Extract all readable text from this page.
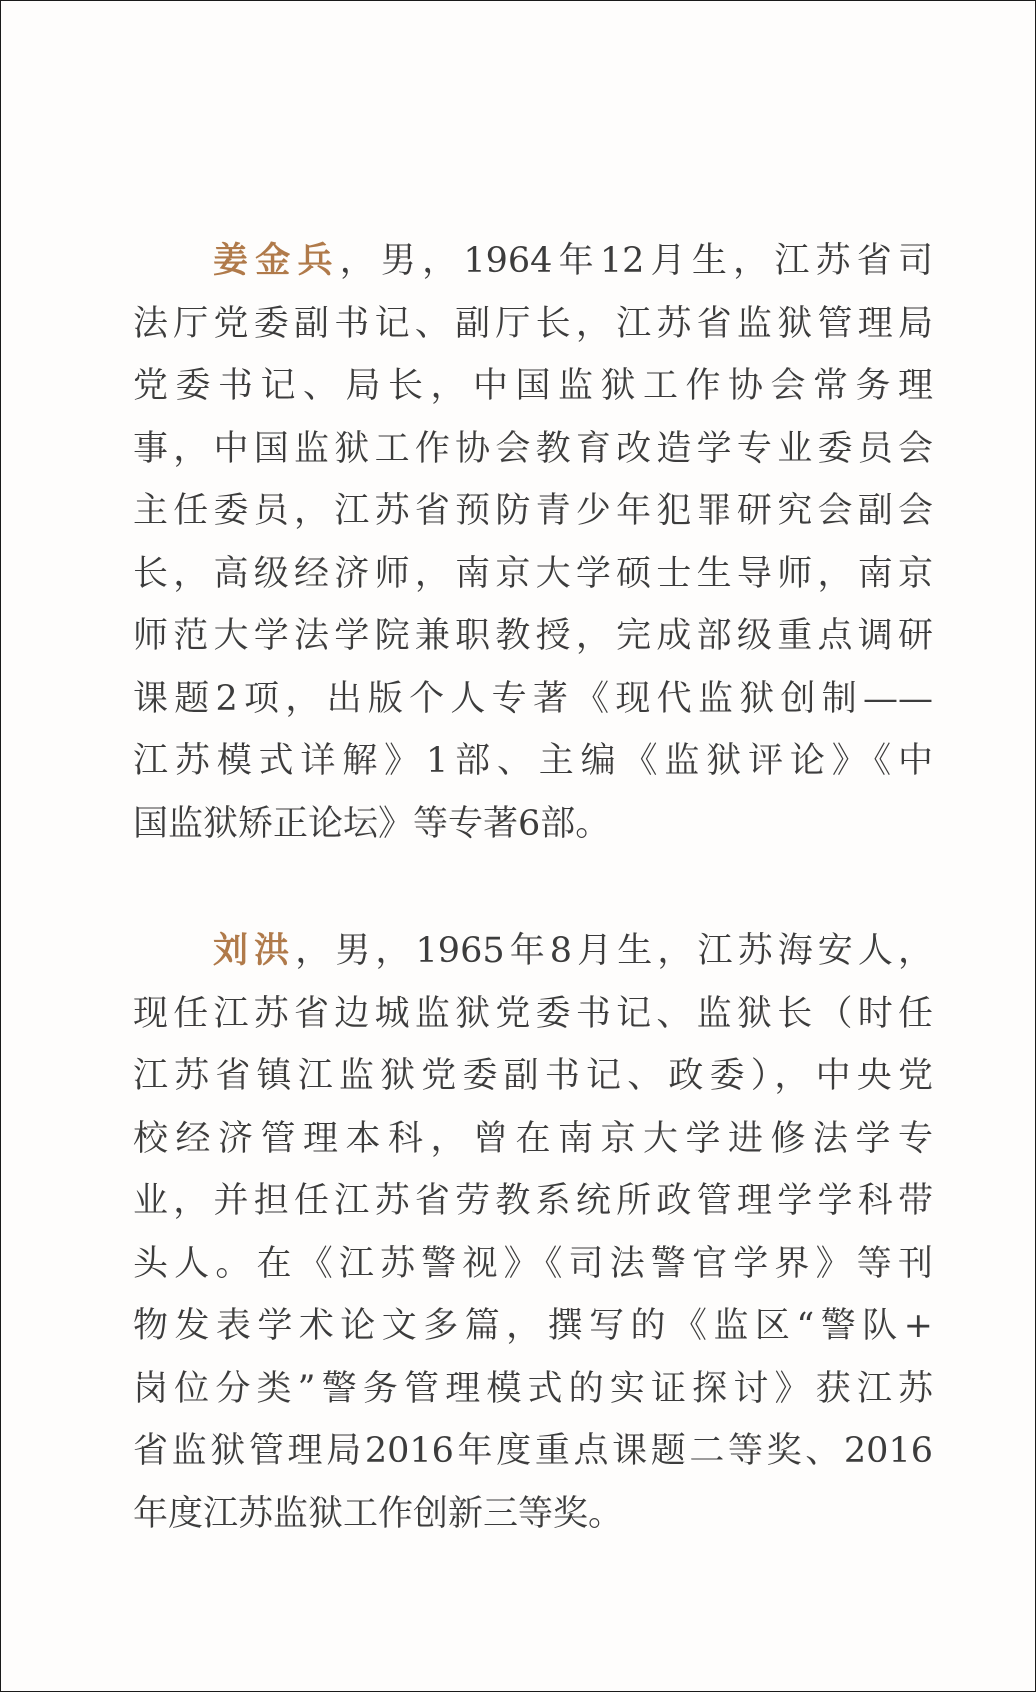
姜金兵，男，1964年12月生，江苏省司
法厅党委副书记、副厅长，江苏省监狱管理局
党委书记、局长，中国监狱工作协会常务理
事，中国监狱工作协会教育改造学专业委员会
主任委员，江苏省预防青少年犯罪研究会副会
长，高级经济师，南京大学硕士生导师，南京
师范大学法学院兼职教授，完成部级重点调研
课题2项，出版个人专著《现代监狱创制——
江苏模式详解》1部、主编《监狱评论》《中
国监狱矫正论坛》等专著6部。
刘洪，男，1965年8月生，江苏海安人，
现任江苏省边城监狱党委书记、监狱长（时任
江苏省镇江监狱党委副书记、政委），中央党
校经济管理本科，曾在南京大学进修法学专
业，并担任江苏省劳教系统所政管理学学科带
头人。在《江苏警视》《司法警官学界》等刊
物发表学术论文多篇，撰写的《监区“警队+
岗位分类”警务管理模式的实证探讨》获江苏
省监狱管理局2016年度重点课题二等奖、2016
年度江苏监狱工作创新三等奖。
